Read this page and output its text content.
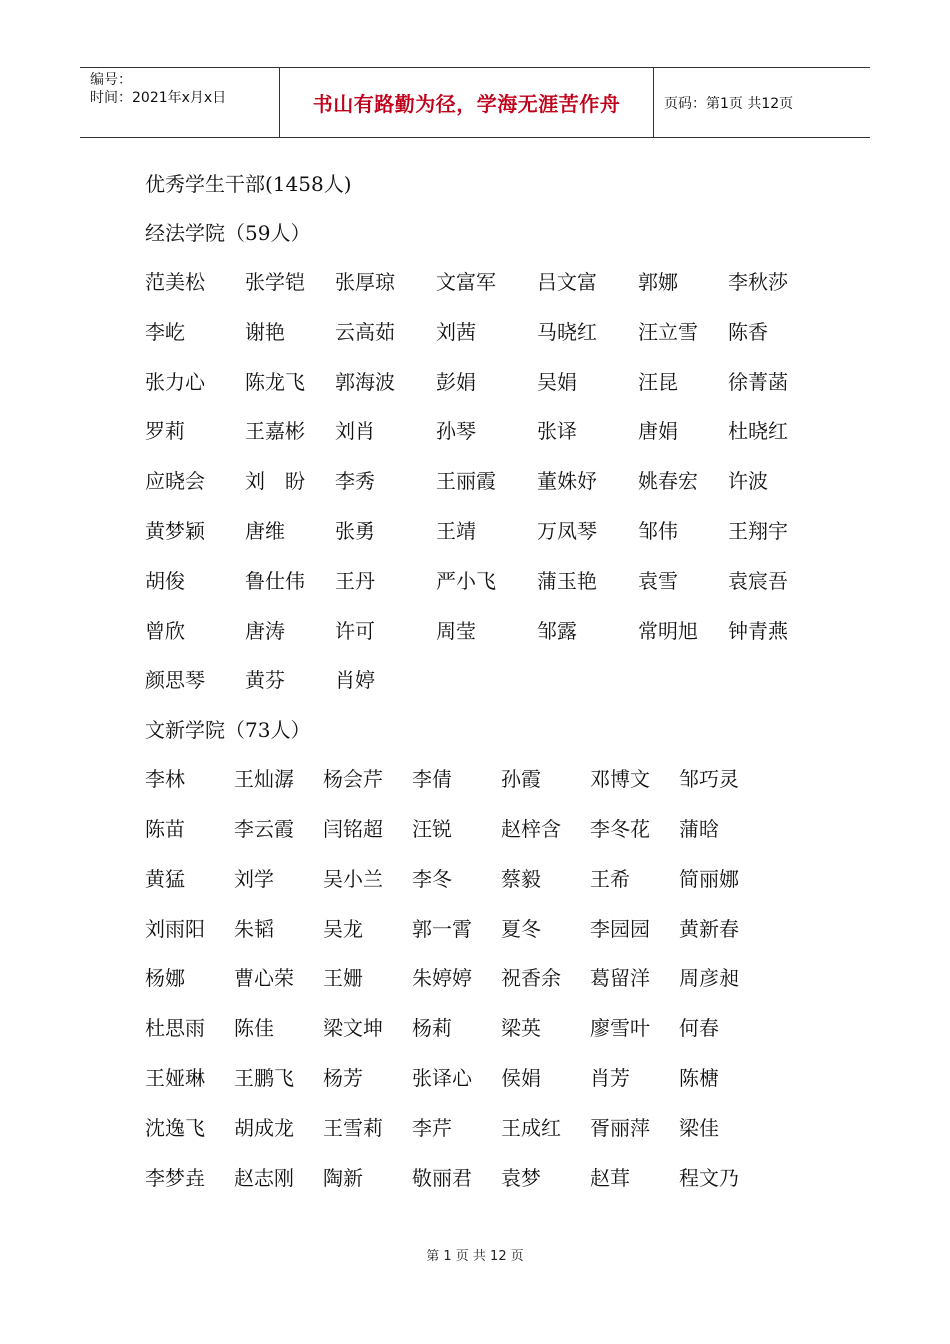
编号：
时间：2021年x月x日	书山有路勤为径，学海无涯苦作舟	页码：第1页 共12页
优秀学生干部(1458人)
经法学院（59人）
范美松	张学铠	张厚琼	文富军	吕文富	郭娜	李秋莎
李屹	谢艳	云高茹	刘茜	马晓红	汪立雪	陈香
张力心	陈龙飞	郭海波	彭娟	吴娟	汪昆	徐菁菡
罗莉	王嘉彬	刘肖	孙琴	张译	唐娟	杜晓红
应晓会	刘　盼	李秀	王丽霞	董姝妤	姚春宏	许波
黄梦颖	唐维	张勇	王靖	万凤琴	邹伟	王翔宇
胡俊	鲁仕伟	王丹	严小飞	蒲玉艳	袁雪	袁宸吾
曾欣	唐涛	许可	周莹	邹露	常明旭	钟青燕
颜思琴	黄芬	肖婷
文新学院（73人）
李林	王灿潺	杨会芹	李倩	孙霞	邓博文	邹巧灵
陈苗	李云霞	闫铭超	汪锐	赵梓含	李冬花	蒲晗
黄猛	刘学	吴小兰	李冬	蔡毅	王希	简丽娜
刘雨阳	朱韬	吴龙	郭一霄	夏冬	李园园	黄新春
杨娜	曹心荣	王姗	朱婷婷	祝香余	葛留洋	周彦昶
杜思雨	陈佳	梁文坤	杨莉	梁英	廖雪叶	何春
王娅琳	王鹏飞	杨芳	张译心	侯娟	肖芳	陈榶
沈逸飞	胡成龙	王雪莉	李芹	王成红	胥丽萍	梁佳
李梦垚	赵志刚	陶新	敬丽君	袁梦	赵茸	程文乃
第 1 页 共 12 页
